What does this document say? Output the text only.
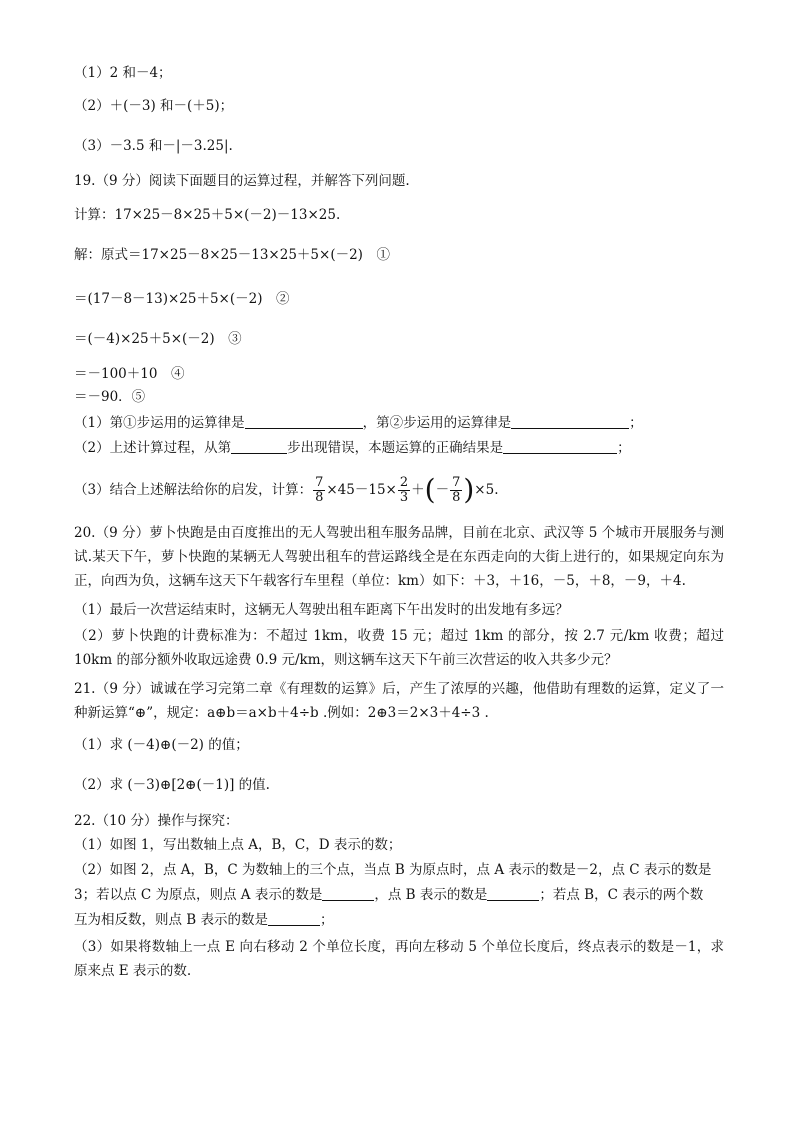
（1）2 和－4；
（2）＋(－3) 和－(＋5)；
（3）－3.5 和－|－3.25|.
19.（9 分）阅读下面题目的运算过程，并解答下列问题.
计算：17×25－8×25＋5×(－2)－13×25.
解：原式＝17×25－8×25－13×25＋5×(－2)　①
＝(17－8－13)×25＋5×(－2)　②
＝(－4)×25＋5×(－2)　③
＝－100＋10　④
＝－90．⑤
（1）第①步运用的运算律是	，第②步运用的运算律是	；
（2）上述计算过程，从第	步出现错误，本题运算的正确结果是	；
（3）结合上述解法给你的启发，计算： $\frac{7}{8} \times 45-15\times \frac{2}{3}$ ＋ ( － $\frac{7}{8}$ ) ×5.
20.（9 分）萝卜快跑是由百度推出的无人驾驶出租车服务品牌，目前在北京、武汉等 5 个城市开展服务与测试.某天下午，萝卜快跑的某辆无人驾驶出租车的营运路线全是在东西走向的大街上进行的，如果规定向东为正，向西为负，这辆车这天下午载客行车里程（单位：km）如下：＋3，＋16，－5，＋8，－9，＋4.
（1）最后一次营运结束时，这辆无人驾驶出租车距离下午出发时的出发地有多远？
（2）萝卜快跑的计费标准为：不超过 1km，收费 15 元；超过 1km 的部分，按 2.7 元/km 收费；超过 10km 的部分额外收取远途费 0.9 元/km，则这辆车这天下午前三次营运的收入共多少元？
21.（9 分）诚诚在学习完第二章《有理数的运算》后，产生了浓厚的兴趣，他借助有理数的运算，定义了一种新运算“⊕”，规定：a⊕b＝a×b＋4÷b .例如：2⊕3＝2×3＋4÷3 .
（1）求 (－4)⊕(－2) 的值；
（2）求 (－3)⊕[2⊕(－1)] 的值.
22.（10 分）操作与探究：
（1）如图 1，写出数轴上点 A，B，C，D 表示的数；
（2）如图 2，点 A，B，C 为数轴上的三个点，当点 B 为原点时，点 A 表示的数是－2，点 C 表示的数是
3；若以点 C 为原点，则点 A 表示的数是	，点 B 表示的数是	；若点 B，C 表示的两个数
互为相反数，则点 B 表示的数是	；
（3）如果将数轴上一点 E 向右移动 2 个单位长度，再向左移动 5 个单位长度后，终点表示的数是－1，求原来点 E 表示的数.
